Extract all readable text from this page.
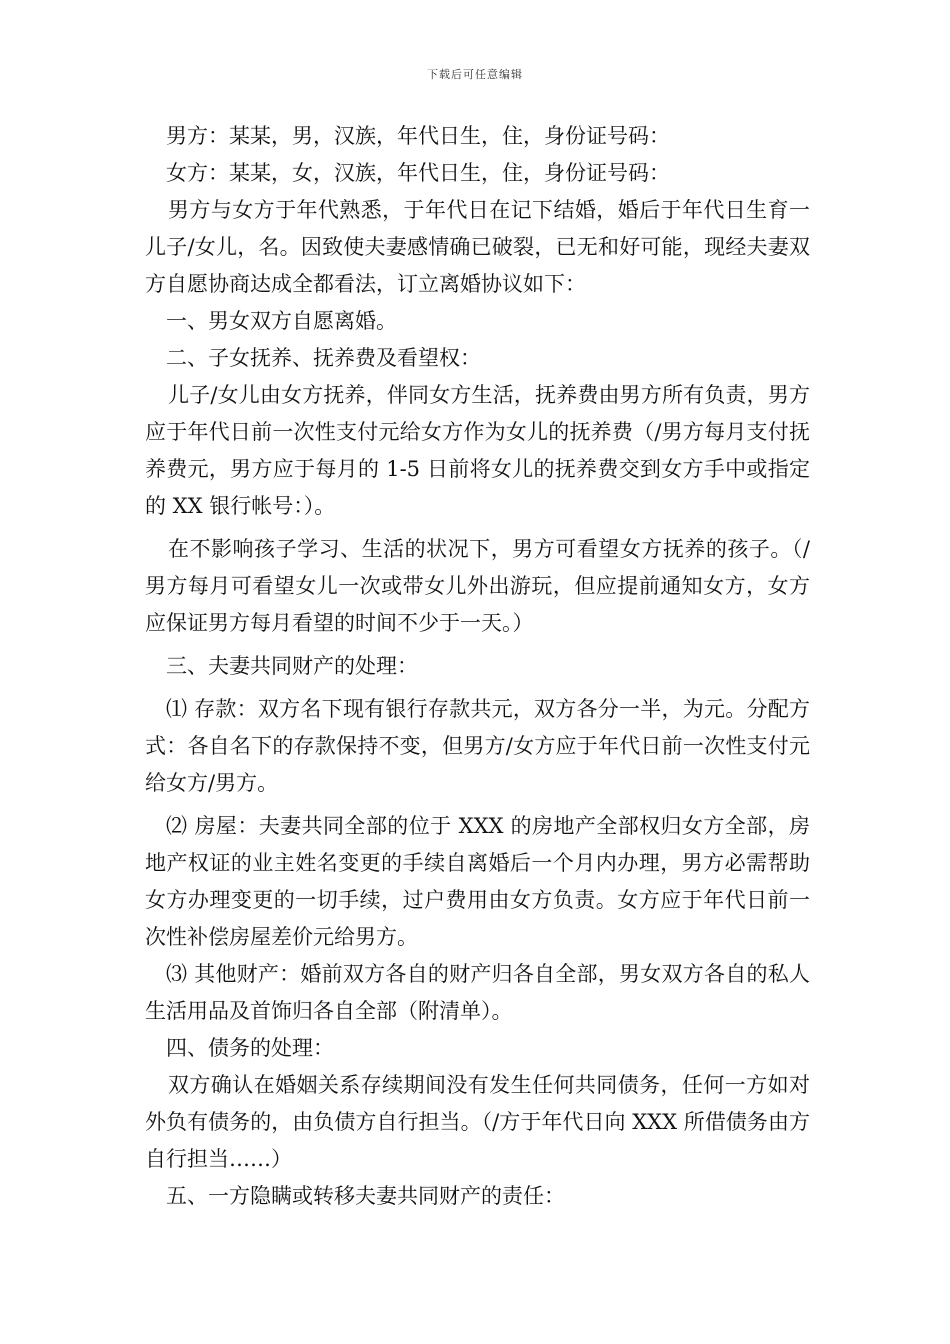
下载后可任意编辑

男方：某某，男，汉族，年代日生，住，身份证号码：

女方：某某，女，汉族，年代日生，住，身份证号码：

男方与女方于年代熟悉，于年代日在记下结婚，婚后于年代日生育一儿子/女儿，名。因致使夫妻感情确已破裂，已无和好可能，现经夫妻双方自愿协商达成全都看法，订立离婚协议如下：

一、男女双方自愿离婚。

二、子女抚养、抚养费及看望权：

儿子/女儿由女方抚养，伴同女方生活，抚养费由男方所有负责，男方应于年代日前一次性支付元给女方作为女儿的抚养费（/男方每月支付抚养费元，男方应于每月的 1-5 日前将女儿的抚养费交到女方手中或指定的 XX 银行帐号：）。

在不影响孩子学习、生活的状况下，男方可看望女方抚养的孩子。（/男方每月可看望女儿一次或带女儿外出游玩，但应提前通知女方，女方应保证男方每月看望的时间不少于一天。）

三、夫妻共同财产的处理：

⑴ 存款：双方名下现有银行存款共元，双方各分一半，为元。分配方式：各自名下的存款保持不变，但男方/女方应于年代日前一次性支付元给女方/男方。

⑵ 房屋：夫妻共同全部的位于 XXX 的房地产全部权归女方全部，房地产权证的业主姓名变更的手续自离婚后一个月内办理，男方必需帮助女方办理变更的一切手续，过户费用由女方负责。女方应于年代日前一次性补偿房屋差价元给男方。

⑶ 其他财产：婚前双方各自的财产归各自全部，男女双方各自的私人生活用品及首饰归各自全部（附清单）。

四、债务的处理：

双方确认在婚姻关系存续期间没有发生任何共同债务，任何一方如对外负有债务的，由负债方自行担当。（/方于年代日向 XXX 所借债务由方自行担当……）

五、一方隐瞒或转移夫妻共同财产的责任：
